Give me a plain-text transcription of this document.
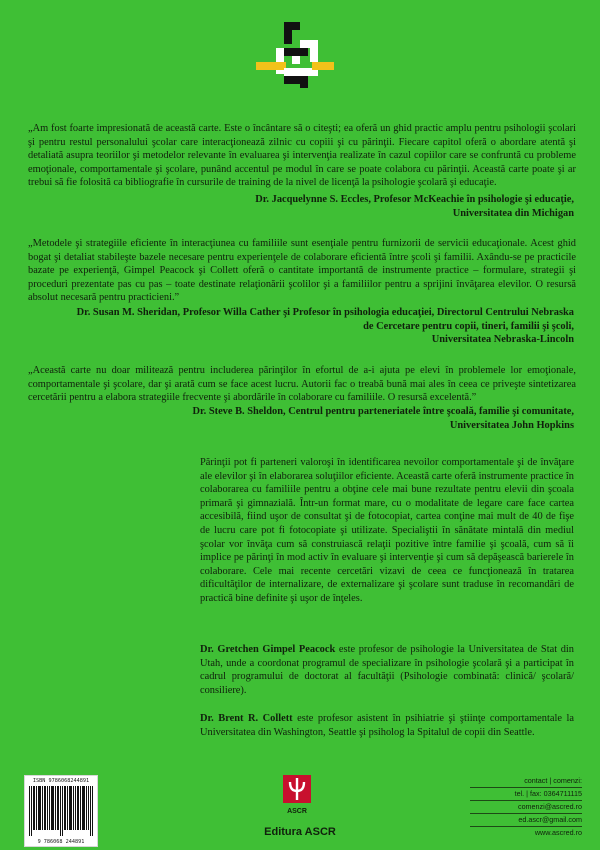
„Am fost foarte impresionată de această carte. Este o încântare să o citeşti; ea oferă un ghid practic amplu pentru psihologii şcolari şi pentru restul personalului şcolar care interacţionează zilnic cu copiii şi cu părinţii. Fiecare capitol oferă o abordare atentă şi detaliată asupra teoriilor şi metodelor relevante în evaluarea şi intervenţia realizate în cazul copiilor care se confruntă cu probleme emoţionale, comportamentale şi şcolare, punând accentul pe modul în care se poate colabora cu părinţii. Această carte poate şi ar trebui să fie folosită ca bibliografie în cursurile de training de la nivel de licenţă la psihologie şcolară şi educaţie.
Dr. Jacquelynne S. Eccles, Profesor McKeachie în psihologie şi educaţie,
Universitatea din Michigan
„Metodele şi strategiile eficiente în interacţiunea cu familiile sunt esenţiale pentru furnizorii de servicii educaţionale. Acest ghid bogat şi detaliat stabileşte bazele necesare pentru experienţele de colaborare eficientă între şcoli şi familii. Axându-se pe practicile bazate pe experienţă, Gimpel Peacock şi Collett oferă o cantitate importantă de instrumente practice – formulare, strategii şi proceduri prezentate pas cu pas – toate destinate relaţionării şcolilor şi a familiilor pentru a sprijini învăţarea elevilor. O resursă absolut necesară pentru practicieni.”
Dr. Susan M. Sheridan, Profesor Willa Cather şi Profesor în psihologia educaţiei, Directorul Centrului Nebraska
de Cercetare pentru copii, tineri, familii şi şcoli,
Universitatea Nebraska-Lincoln
„Această carte nu doar militează pentru includerea părinţilor în efortul de a-i ajuta pe elevi în problemele lor emoţionale, comportamentale şi şcolare, dar şi arată cum se face acest lucru. Autorii fac o treabă bună mai ales în ceea ce priveşte sintetizarea cercetării pentru a elabora strategiile frecvente şi abordările în colaborare cu familiile. O resursă excelentă.”
Dr. Steve B. Sheldon, Centrul pentru parteneriatele între şcoală, familie şi comunitate,
Universitatea John Hopkins

Părinţii pot fi parteneri valoroşi în identificarea nevoilor comportamentale şi de învăţare ale elevilor şi în elaborarea soluţiilor eficiente. Această carte oferă instrumente practice în colaborarea cu familiile pentru a obţine cele mai bune rezultate pentru elevii din şcoala primară şi gimnazială. Într-un format mare, cu o modalitate de legare care face cartea accesibilă, fiind uşor de consultat şi de fotocopiat, cartea conţine mai mult de 40 de fişe de lucru care pot fi fotocopiate şi utilizate. Specialiştii în sănătate mintală din mediul şcolar vor învăţa cum să construiască relaţii pozitive între familie şi şcoală, cum să îi implice pe părinţi în mod activ în evaluare şi intervenţie şi cum să depăşească barierele în colaborare. Cele mai recente cercetări vizavi de ceea ce funcţionează în tratarea dificultăţilor de internalizare, de externalizare şi şcolare sunt traduse în recomandări de practică bine definite şi uşor de înţeles.

Dr. Gretchen Gimpel Peacock este profesor de psihologie la Universitatea de Stat din Utah, unde a coordonat programul de specializare în psihologie şcolară şi a participat în cadrul programului de doctorat al facultăţii (Psihologie combinată: clinică/ şcolară/ consiliere).

Dr. Brent R. Collett este profesor asistent în psihiatrie şi ştiinţe comportamentale la Universitatea din Washington, Seattle şi psiholog la Spitalul de copii din Seattle.

ISBN 9786068244891
9 786068 244891
ASCR
Editura ASCR
contact | comenzi:
tel. | fax: 0364711115
comenzi@ascred.ro
ed.ascr@gmail.com
www.ascred.ro
